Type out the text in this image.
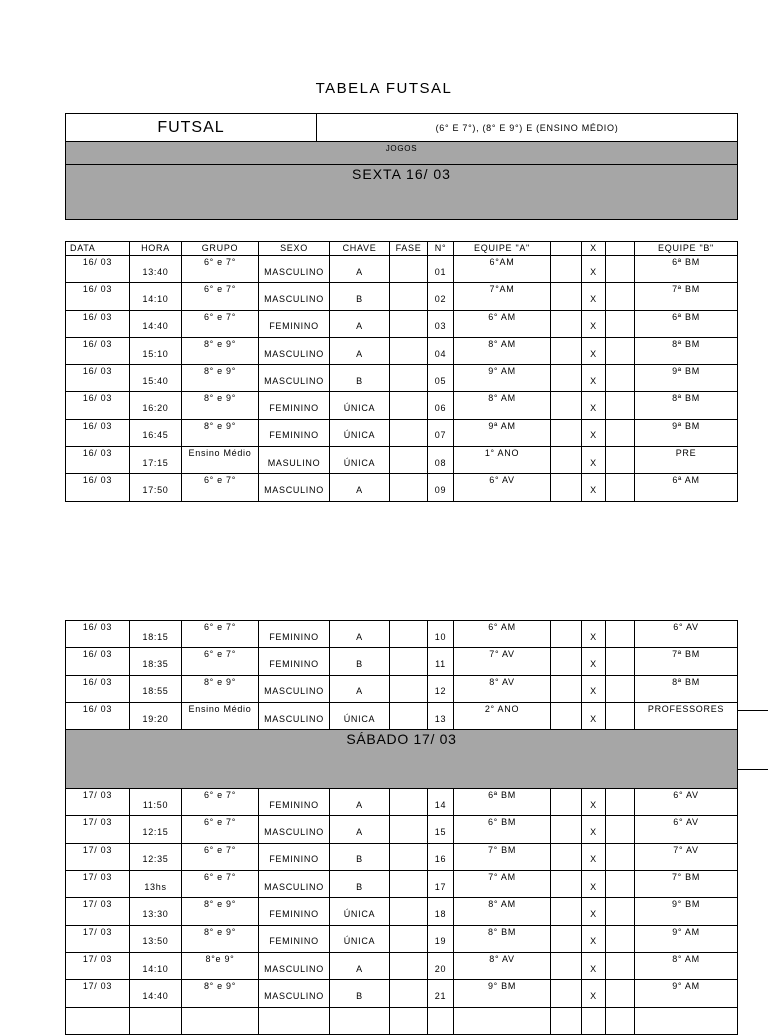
TABELA FUTSAL
FUTSAL	(6° E 7°), (8° E 9°) E (ENSINO MÉDIO)
JOGOS
SEXTA 16/ 03
DATA	HORA	GRUPO	SEXO	CHAVE	FASE	N°	EQUIPE "A"		X		EQUIPE "B"
16/ 03	13:40	6° e 7°	MASCULINO	A		01	6°AM		X		6ª BM
16/ 03	14:10	6° e 7°	MASCULINO	B		02	7°AM		X		7ª BM
16/ 03	14:40	6° e 7°	FEMININO	A		03	6° AM		X		6ª BM
16/ 03	15:10	8° e 9°	MASCULINO	A		04	8° AM		X		8ª BM
16/ 03	15:40	8° e 9°	MASCULINO	B		05	9° AM		X		9ª BM
16/ 03	16:20	8° e 9°	FEMININO	ÚNICA		06	8° AM		X		8ª BM
16/ 03	16:45	8° e 9°	FEMININO	ÚNICA		07	9ª AM		X		9ª BM
16/ 03	17:15	Ensino Médio	MASULINO	ÚNICA		08	1° ANO		X		PRE
16/ 03	17:50	6° e 7°	MASCULINO	A		09	6° AV		X		6ª AM
16/ 03	18:15	6° e 7°	FEMININO	A		10	6° AM		X		6° AV
16/ 03	18:35	6° e 7°	FEMININO	B		11	7° AV		X		7ª BM
16/ 03	18:55	8° e 9°	MASCULINO	A		12	8° AV		X		8ª BM
16/ 03	19:20	Ensino Médio	MASCULINO	ÚNICA		13	2° ANO		X		PROFESSORES
SÁBADO 17/ 03											
17/ 03	11:50	6° e 7°	FEMININO	A		14	6ª BM		X		6° AV
17/ 03	12:15	6° e 7°	MASCULINO	A		15	6° BM		X		6° AV
17/ 03	12:35	6° e 7°	FEMININO	B		16	7° BM		X		7° AV
17/ 03	13hs	6° e 7°	MASCULINO	B		17	7° AM		X		7° BM
17/ 03	13:30	8° e 9°	FEMININO	ÚNICA		18	8° AM		X		9° BM
17/ 03	13:50	8° e 9°	FEMININO	ÚNICA		19	8° BM		X		9° AM
17/ 03	14:10	8°e 9°	MASCULINO	A		20	8° AV		X		8° AM
17/ 03	14:40	8° e 9°	MASCULINO	B		21	9° BM		X		9° AM
